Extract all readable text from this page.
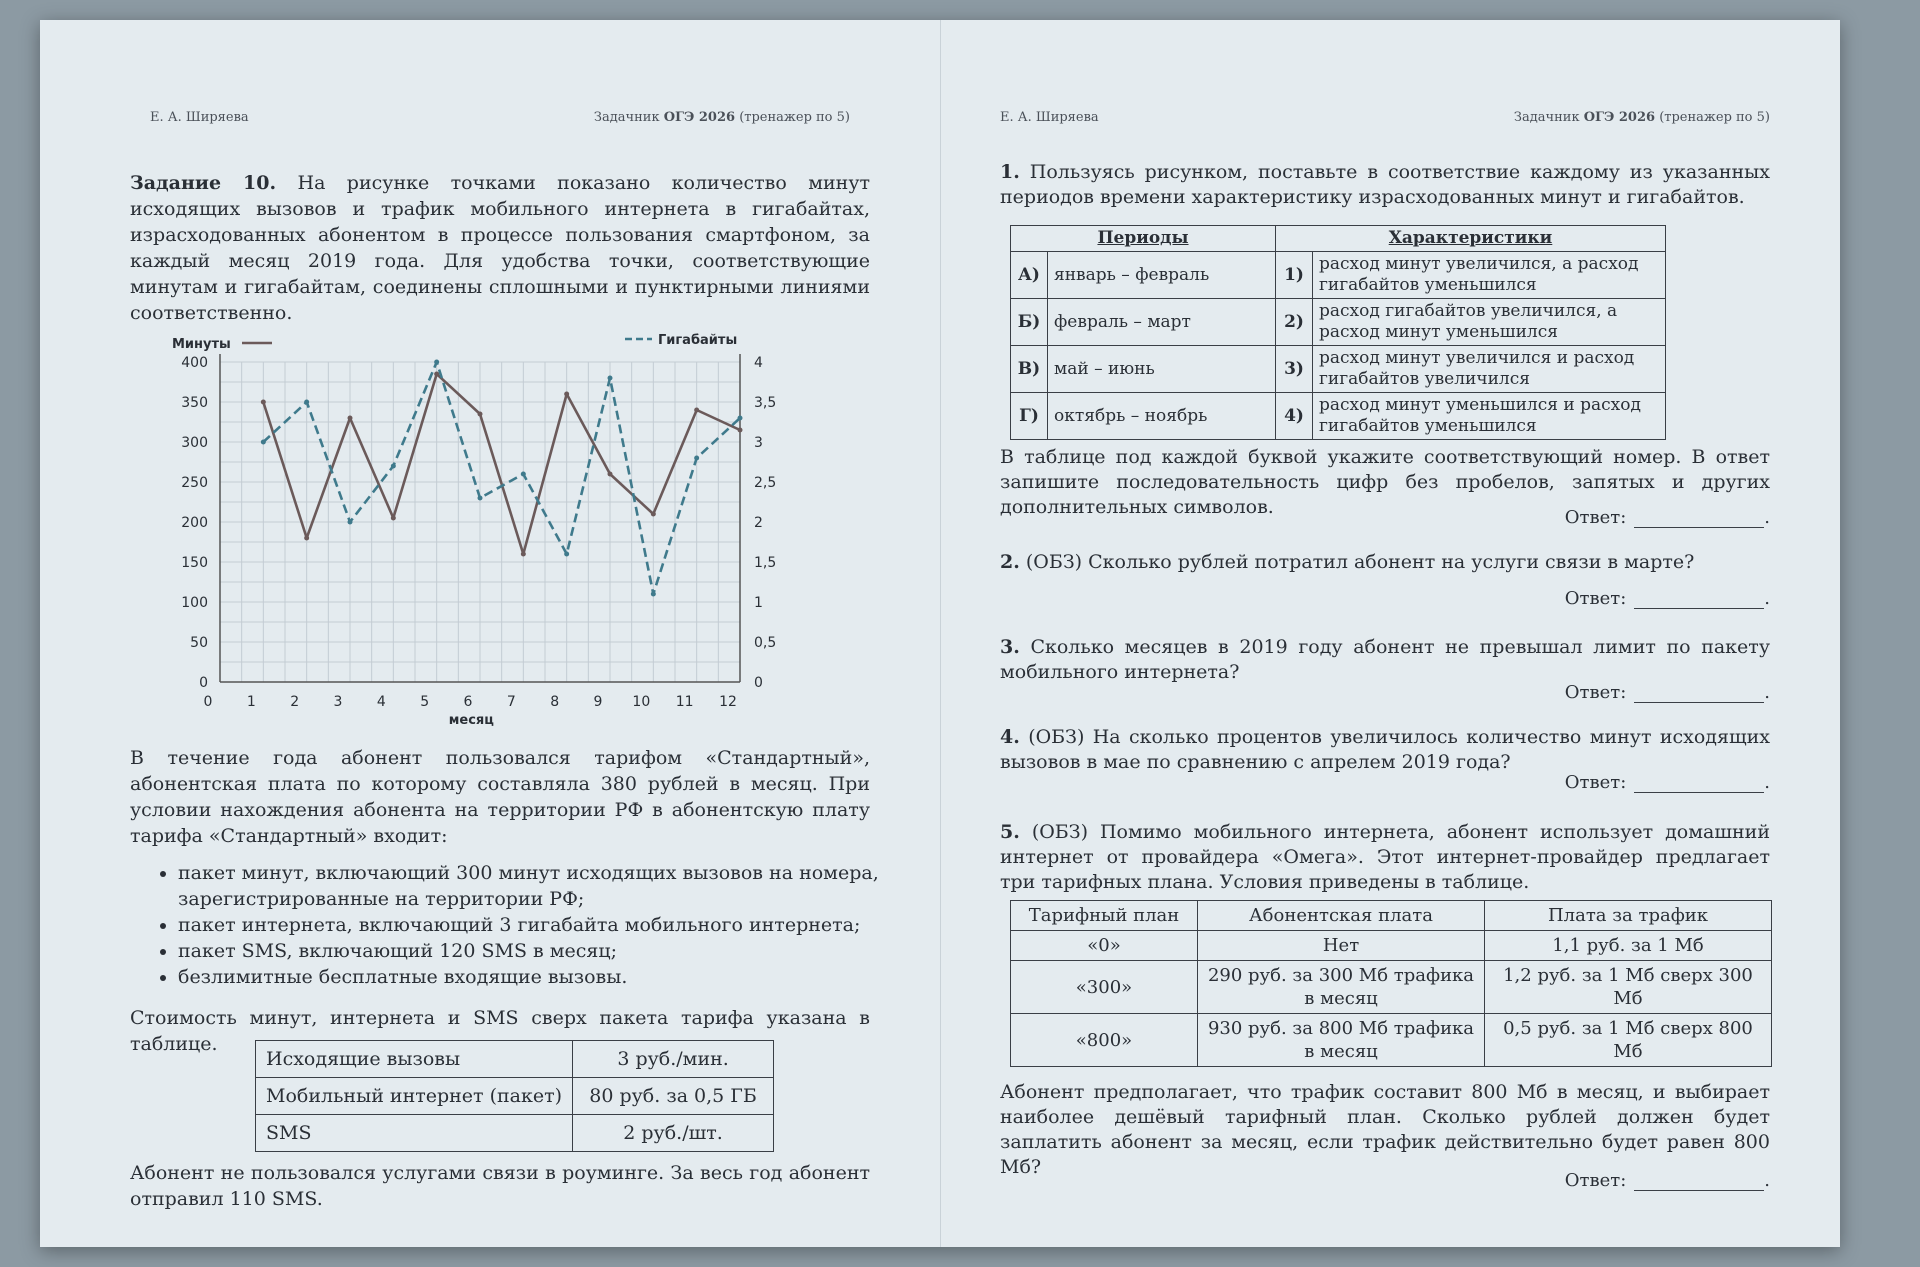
Е. А. Ширяева	Задачник ОГЭ 2026 (тренажер по 5)
Задание 10. На рисунке точками показано количество минут исходящих вызовов и трафик мобильного интернета в гигабайтах, израсходованных абонентом в процессе пользования смартфоном, за каждый месяц 2019 года. Для удобства точки, соответствующие минутам и гигабайтам, соединены сплошными и пунктирными линиями соответственно.
0
50
100
150
200
250
300
350
400
0
0,5
1
1,5
2
2,5
3
3,5
4
0 1 2 3 4 5 6 7 8 9 10 11 12
месяц
Минуты	Гигабайты
В течение года абонент пользовался тарифом «Стандартный», абонентская плата по которому составляла 380 рублей в месяц. При условии нахождения абонента на территории РФ в абонентскую плату тарифа «Стандартный» входит:
• пакет минут, включающий 300 минут исходящих вызовов на номера, зарегистрированные на территории РФ;
• пакет интернета, включающий 3 гигабайта мобильного интернета;
• пакет SMS, включающий 120 SMS в месяц;
• безлимитные бесплатные входящие вызовы.
Стоимость минут, интернета и SMS сверх пакета тарифа указана в таблице.
Исходящие вызовы	3 руб./мин.
Мобильный интернет (пакет)	80 руб. за 0,5 ГБ
SMS	2 руб./шт.
Абонент не пользовался услугами связи в роуминге. За весь год абонент отправил 110 SMS.
Е. А. Ширяева	Задачник ОГЭ 2026 (тренажер по 5)
1. Пользуясь рисунком, поставьте в соответствие каждому из указанных периодов времени характеристику израсходованных минут и гигабайтов.
Периоды		Характеристики	
А)	январь – февраль	1)	расход минут увеличился, а расход гигабайтов уменьшился
Б)	февраль – март	2)	расход гигабайтов увеличился, а расход минут уменьшился
В)	май – июнь	3)	расход минут увеличился и расход гигабайтов увеличился
Г)	октябрь – ноябрь	4)	расход минут уменьшился и расход гигабайтов уменьшился
В таблице под каждой буквой укажите соответствующий номер. В ответ запишите последовательность цифр без пробелов, запятых и других дополнительных символов.	Ответ:	.
2. (ОБЗ) Сколько рублей потратил абонент на услуги связи в марте?
Ответ:	.
3. Сколько месяцев в 2019 году абонент не превышал лимит по пакету мобильного интернета?
Ответ:	.
4. (ОБЗ) На сколько процентов увеличилось количество минут исходящих вызовов в мае по сравнению с апрелем 2019 года?
Ответ:	.
5. (ОБЗ) Помимо мобильного интернета, абонент использует домашний интернет от провайдера «Омега». Этот интернет-провайдер предлагает три тарифных плана. Условия приведены в таблице.
Тарифный план	Абонентская плата	Плата за трафик
«0»	Нет	1,1 руб. за 1 Мб
«300»	290 руб. за 300 Мб трафика в месяц	1,2 руб. за 1 Мб сверх 300 Мб
«800»	930 руб. за 800 Мб трафика в месяц	0,5 руб. за 1 Мб сверх 800 Мб
Абонент предполагает, что трафик составит 800 Мб в месяц, и выбирает наиболее дешёвый тарифный план. Сколько рублей должен будет заплатить абонент за месяц, если трафик действительно будет равен 800 Мб?
Ответ:	.
